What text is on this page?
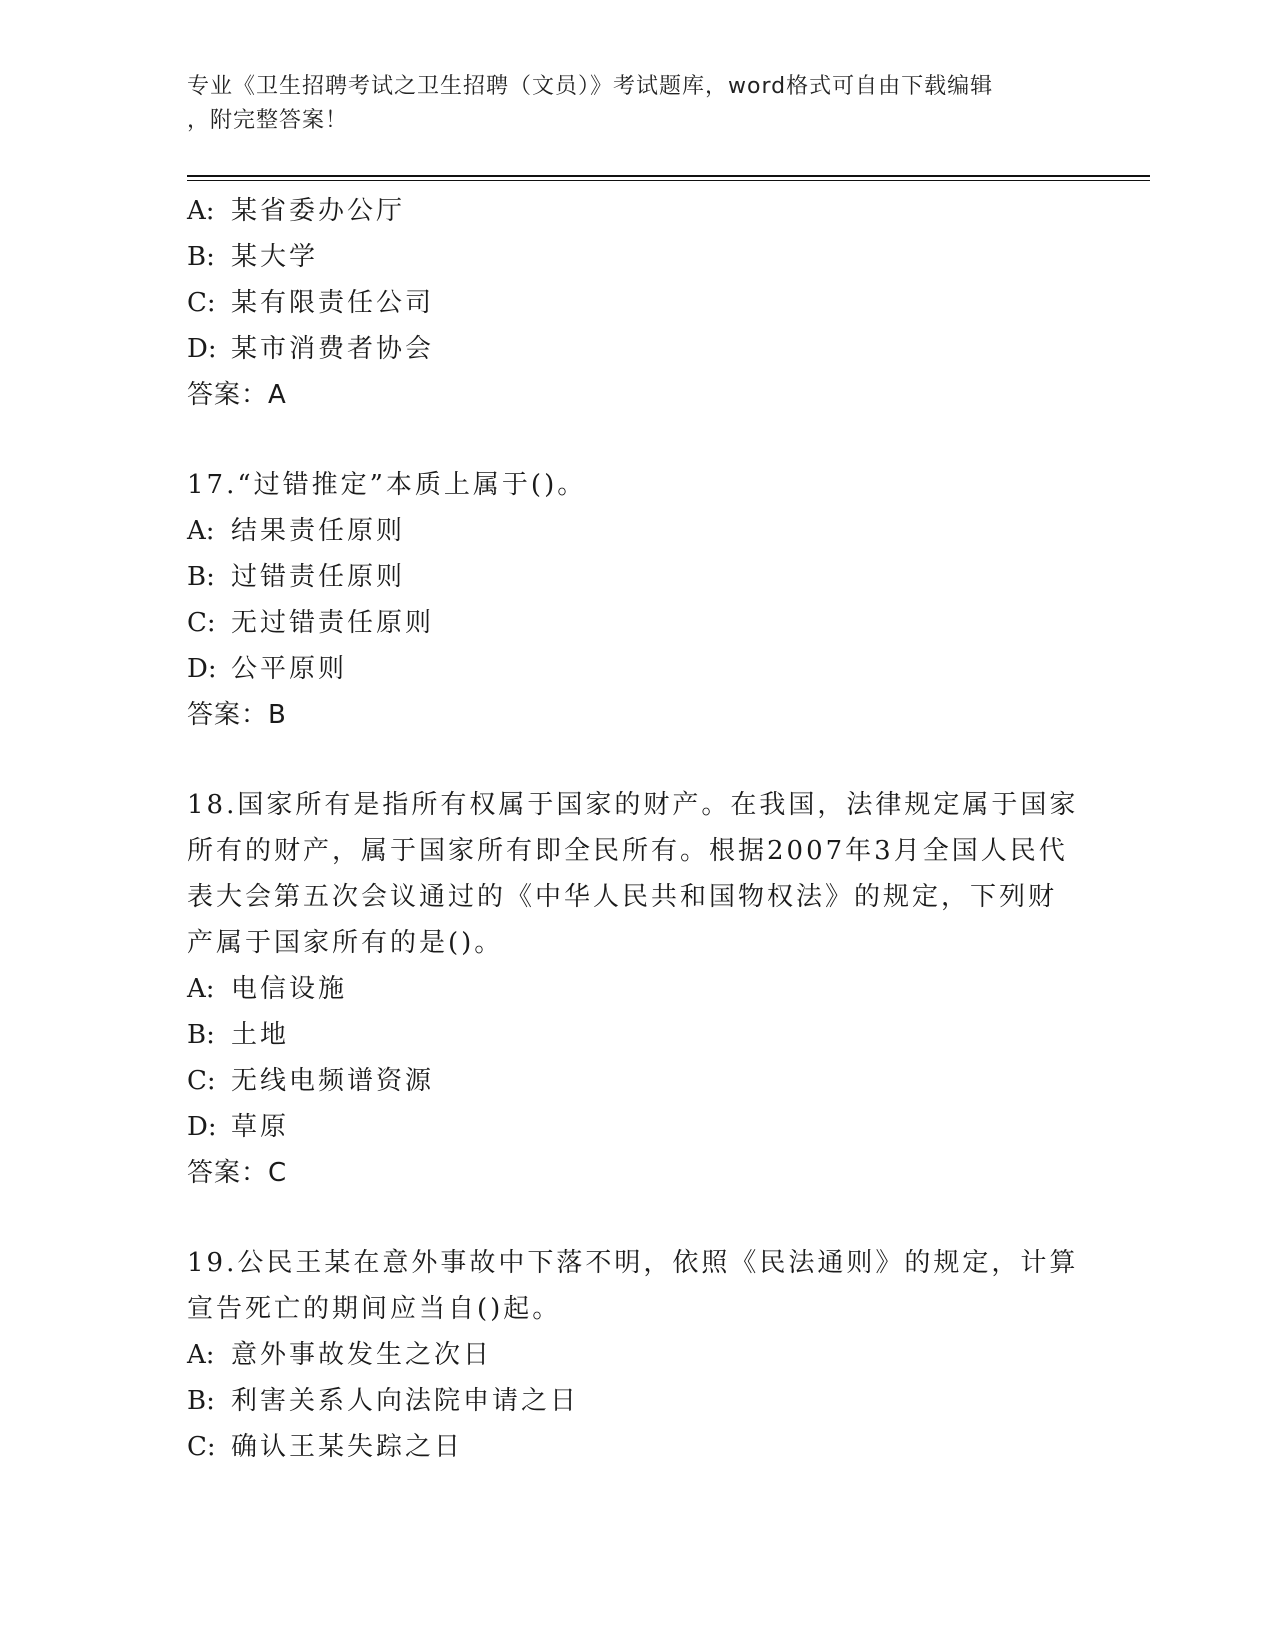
专业《卫生招聘考试之卫生招聘（文员）》考试题库，word格式可自由下载编辑
，附完整答案！
A: 某省委办公厅
B: 某大学
C: 某有限责任公司
D: 某市消费者协会
答案：A
17.“过错推定”本质上属于()。
A: 结果责任原则
B: 过错责任原则
C: 无过错责任原则
D: 公平原则
答案：B
18.国家所有是指所有权属于国家的财产。在我国，法律规定属于国家
所有的财产，属于国家所有即全民所有。根据2007年3月全国人民代
表大会第五次会议通过的《中华人民共和国物权法》的规定，下列财
产属于国家所有的是()。
A: 电信设施
B: 土地
C: 无线电频谱资源
D: 草原
答案：C
19.公民王某在意外事故中下落不明，依照《民法通则》的规定，计算
宣告死亡的期间应当自()起。
A: 意外事故发生之次日
B: 利害关系人向法院申请之日
C: 确认王某失踪之日
